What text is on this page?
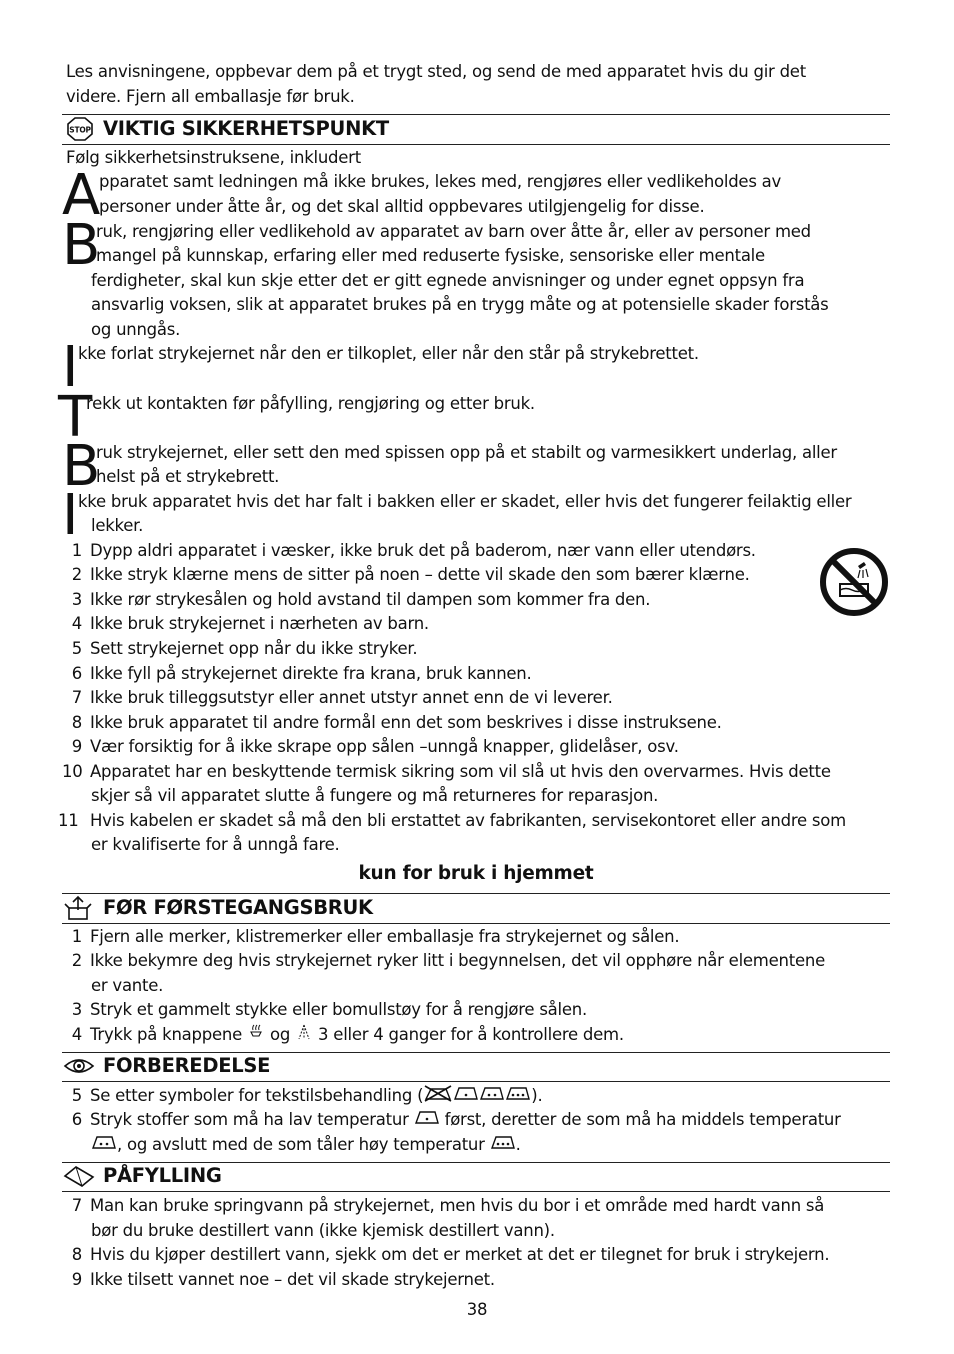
Les anvisningene, oppbevar dem på et trygt sted, og send de med apparatet hvis du gir det
videre. Fjern all emballasje før bruk.
STOP VIKTIG SIKKERHETSPUNKT
Følg sikkerhetsinstruksene, inkludert
A
pparatet samt ledningen må ikke brukes, lekes med, rengjøres eller vedlikeholdes av
personer under åtte år, og det skal alltid oppbevares utilgjengelig for disse.
B
ruk, rengjøring eller vedlikehold av apparatet av barn over åtte år, eller av personer med
mangel på kunnskap, erfaring eller med reduserte fysiske, sensoriske eller mentale
ferdigheter, skal kun skje etter det er gitt egnede anvisninger og under egnet oppsyn fra
ansvarlig voksen, slik at apparatet brukes på en trygg måte og at potensielle skader forstås
og unngås.
I kke forlat strykejernet når den er tilkoplet, eller når den står på strykebrettet.
T
rekk ut kontakten før påfylling, rengjøring og etter bruk.
B
ruk strykejernet, eller sett den med spissen opp på et stabilt og varmesikkert underlag, aller
helst på et strykebrett.
I kke bruk apparatet hvis det har falt i bakken eller er skadet, eller hvis det fungerer feilaktig eller
lekker.
1 Dypp aldri apparatet i væsker, ikke bruk det på baderom, nær vann eller utendørs.
2 Ikke stryk klærne mens de sitter på noen – dette vil skade den som bærer klærne.
3 Ikke rør strykesålen og hold avstand til dampen som kommer fra den.
4 Ikke bruk strykejernet i nærheten av barn.
5 Sett strykejernet opp når du ikke stryker.
6 Ikke fyll på strykejernet direkte fra krana, bruk kannen.
7 Ikke bruk tilleggsutstyr eller annet utstyr annet enn de vi leverer.
8 Ikke bruk apparatet til andre formål enn det som beskrives i disse instruksene.
9 Vær forsiktig for å ikke skrape opp sålen –unngå knapper, glidelåser, osv.
10 Apparatet har en beskyttende termisk sikring som vil slå ut hvis den overvarmes. Hvis dette
skjer så vil apparatet slutte å fungere og må returneres for reparasjon.
11 Hvis kabelen er skadet så må den bli erstattet av fabrikanten, servisekontoret eller andre som
er kvalifiserte for å unngå fare.
kun for bruk i hjemmet
FØR FØRSTEGANGSBRUK
1 Fjern alle merker, klistremerker eller emballasje fra strykejernet og sålen.
2 Ikke bekymre deg hvis strykejernet ryker litt i begynnelsen, det vil opphøre når elementene
er vante.
3 Stryk et gammelt stykke eller bomullstøy for å rengjøre sålen.
4 Trykk på knappene og 3 eller 4 ganger for å kontrollere dem.
FORBEREDELSE
5 Se etter symboler for tekstilsbehandling (	).
6 Stryk stoffer som må ha lav temperatur først, deretter de som må ha middels temperatur
, og avslutt med de som tåler høy temperatur .
PÅFYLLING
7 Man kan bruke springvann på strykejernet, men hvis du bor i et område med hardt vann så
bør du bruke destillert vann (ikke kjemisk destillert vann).
8 Hvis du kjøper destillert vann, sjekk om det er merket at det er tilegnet for bruk i strykejern.
9 Ikke tilsett vannet noe – det vil skade strykejernet.
38
